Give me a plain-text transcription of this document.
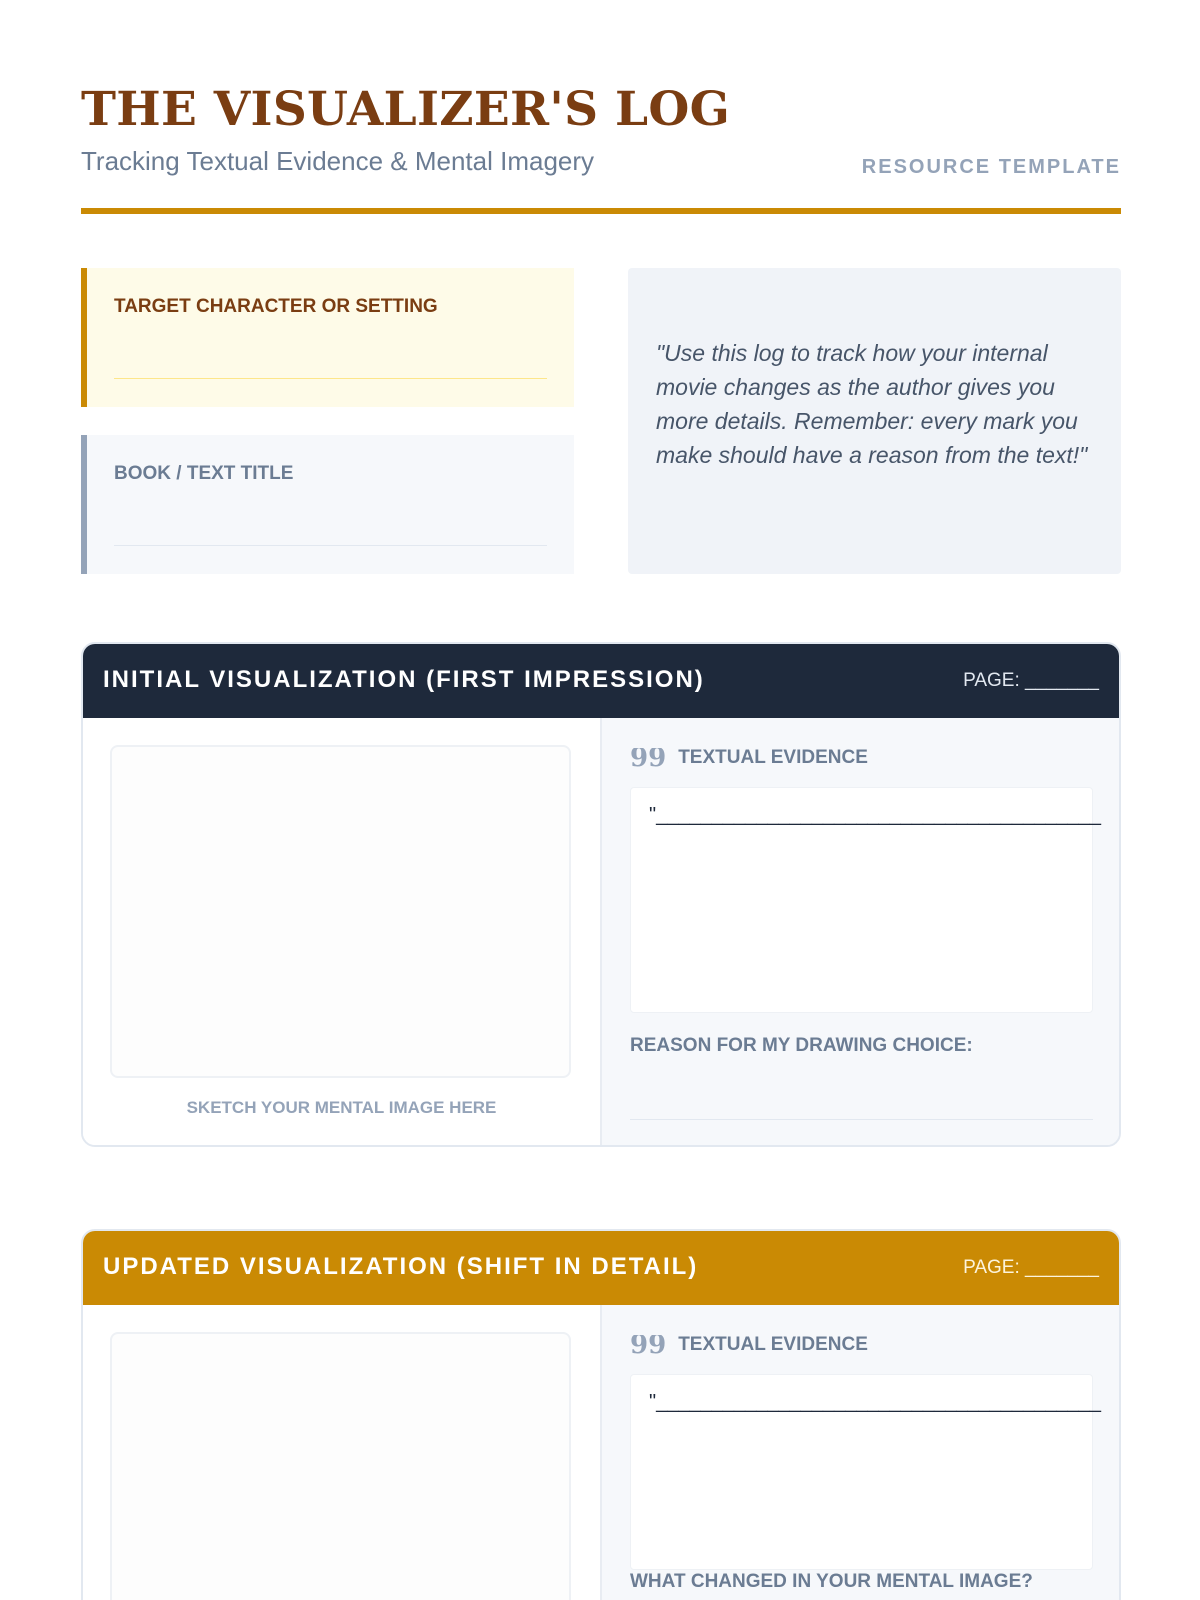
THE VISUALIZER'S LOG
Tracking Textual Evidence & Mental Imagery	RESOURCE TEMPLATE
TARGET CHARACTER OR SETTING
BOOK / TEXT TITLE
"Use this log to track how your internal movie changes as the author gives you more details. Remember: every mark you make should have a reason from the text!"
INITIAL VISUALIZATION (FIRST IMPRESSION)	PAGE: _______
SKETCH YOUR MENTAL IMAGE HERE
99 TEXTUAL EVIDENCE
"________________________________________
REASON FOR MY DRAWING CHOICE:
UPDATED VISUALIZATION (SHIFT IN DETAIL)	PAGE: _______
99 TEXTUAL EVIDENCE
"________________________________________
WHAT CHANGED IN YOUR MENTAL IMAGE?
